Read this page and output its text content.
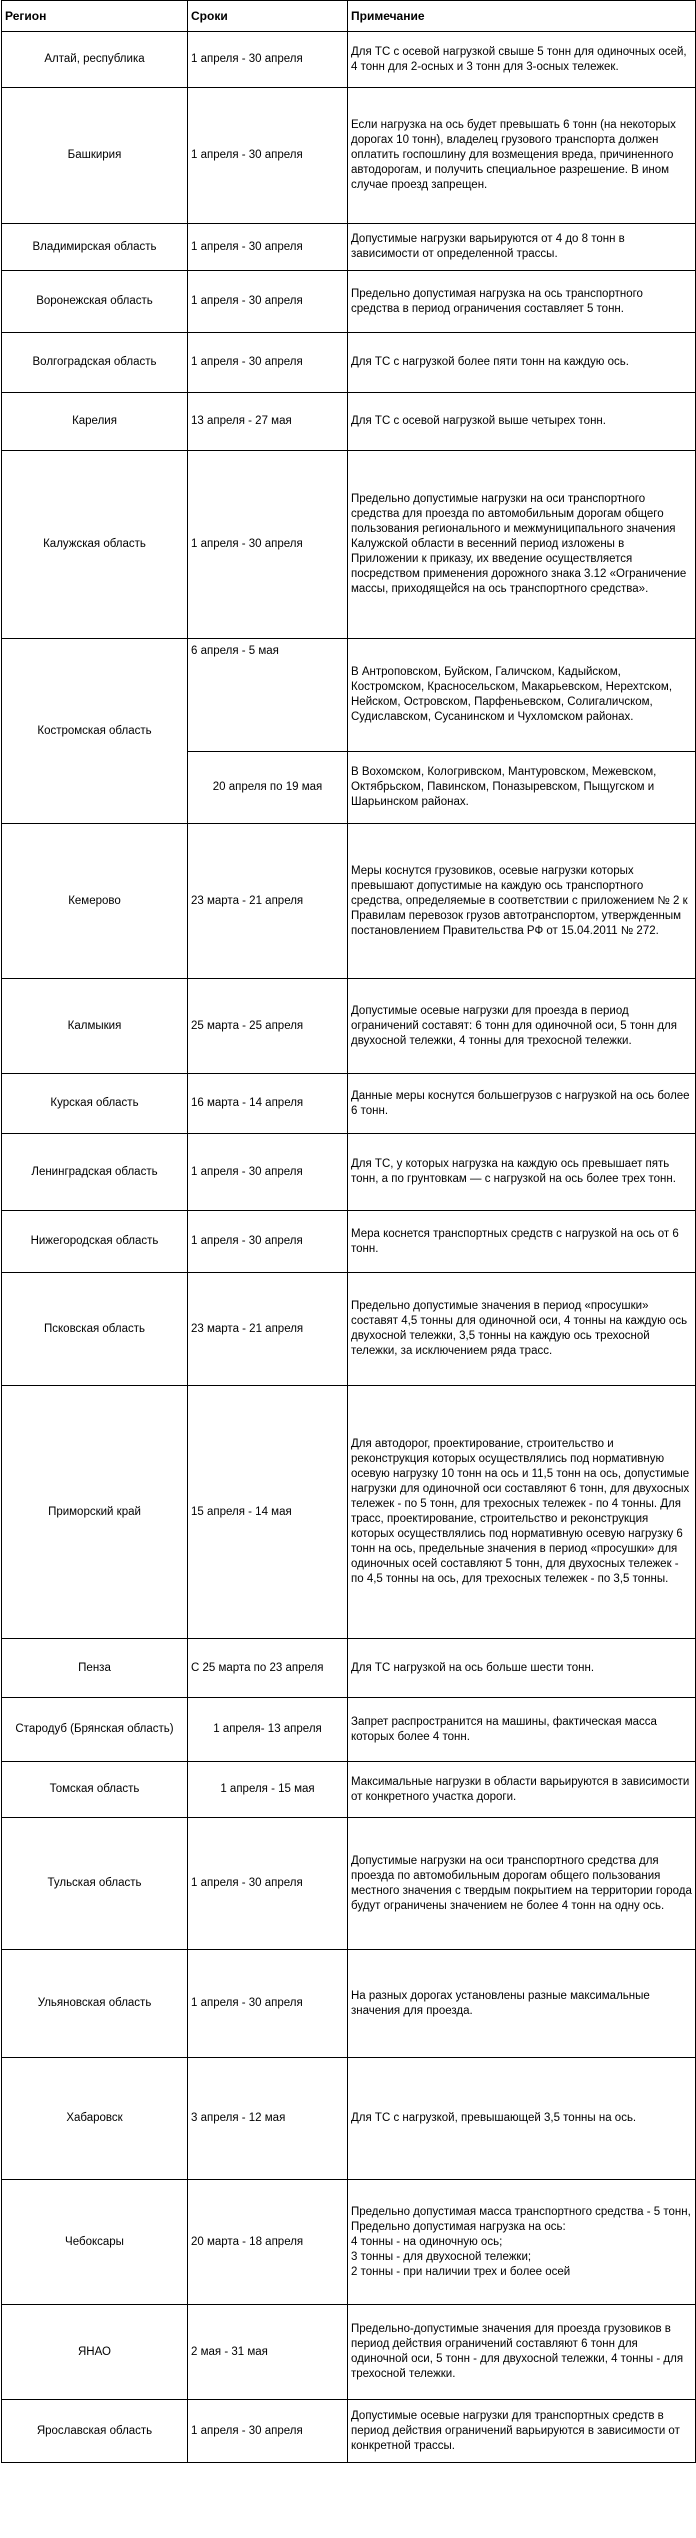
Регион	Сроки	Примечание
Алтай, республика	1 апреля - 30 апреля	Для ТС с осевой нагрузкой свыше 5 тонн для одиночных осей, 4 тонн для 2-осных и 3 тонн для 3-осных тележек.
Башкирия	1 апреля - 30 апреля	Если нагрузка на ось будет превышать 6 тонн (на некоторых дорогах 10 тонн), владелец грузового транспорта должен оплатить госпошлину для возмещения вреда, причиненного автодорогам, и получить специальное разрешение. В ином случае проезд запрещен.
Владимирская область	1 апреля - 30 апреля	Допустимые нагрузки варьируются от 4 до 8 тонн в зависимости от определенной трассы.
Воронежская область	1 апреля - 30 апреля	Предельно допустимая нагрузка на ось транспортного средства в период ограничения составляет 5 тонн.
Волгоградская область	1 апреля - 30 апреля	Для ТС с нагрузкой более пяти тонн на каждую ось.
Карелия	13 апреля - 27 мая	Для ТС с осевой нагрузкой выше четырех тонн.
Калужская область	1 апреля - 30 апреля	Предельно допустимые нагрузки на оси транспортного средства для проезда по автомобильным дорогам общего пользования регионального и межмуниципального значения Калужской области в весенний период изложены в Приложении к приказу, их введение осуществляется посредством применения дорожного знака 3.12 «Ограничение массы, приходящейся на ось транспортного средства».
Костромская область	6 апреля - 5 мая	В Антроповском, Буйском, Галичском, Кадыйском, Костромском, Красносельском, Макарьевском, Нерехтском, Нейском, Островском, Парфеньевском, Солигаличском, Судиславском, Сусанинском и Чухломском районах.
	20 апреля по 19 мая	В Вохомском, Кологривском, Мантуровском, Межевском, Октябрьском, Павинском, Поназыревском, Пыщугском и Шарьинском районах.
Кемерово	23 марта - 21 апреля	Меры коснутся грузовиков, осевые нагрузки которых превышают допустимые на каждую ось транспортного средства, определяемые в соответствии с приложением № 2 к Правилам перевозок грузов автотранспортом, утвержденным постановлением Правительства РФ от 15.04.2011 № 272.
Калмыкия	25 марта - 25 апреля	Допустимые осевые нагрузки для проезда в период ограничений составят: 6 тонн для одиночной оси, 5 тонн для двухосной тележки, 4 тонны для трехосной тележки.
Курская область	16 марта - 14 апреля	Данные меры коснутся большегрузов с нагрузкой на ось более 6 тонн.
Ленинградская область	1 апреля - 30 апреля	Для ТС, у которых нагрузка на каждую ось превышает пять тонн, а по грунтовкам — с нагрузкой на ось более трех тонн.
Нижегородская область	1 апреля - 30 апреля	Мера коснется транспортных средств с нагрузкой на ось от 6 тонн.
Псковская область	23 марта - 21 апреля	Предельно допустимые значения в период «просушки» составят 4,5 тонны для одиночной оси, 4 тонны на каждую ось двухосной тележки, 3,5 тонны на каждую ось трехосной тележки, за исключением ряда трасс.
Приморский край	15 апреля - 14 мая	Для автодорог, проектирование, строительство и реконструкция которых осуществлялись под нормативную осевую нагрузку 10 тонн на ось и 11,5 тонн на ось, допустимые нагрузки для одиночной оси составляют 6 тонн, для двухосных тележек - по 5 тонн, для трехосных тележек - по 4 тонны. Для трасс, проектирование, строительство и реконструкция которых осуществлялись под нормативную осевую нагрузку 6 тонн на ось, предельные значения в период «просушки» для одиночных осей составляют 5 тонн, для двухосных тележек - по 4,5 тонны на ось, для трехосных тележек - по 3,5 тонны.
Пенза	С 25 марта по 23 апреля	Для ТС нагрузкой на ось больше шести тонн.
Стародуб (Брянская область)	1 апреля- 13 апреля	Запрет распространится на машины, фактическая масса которых более 4 тонн.
Томская область	1 апреля - 15 мая	Максимальные нагрузки в области варьируются в зависимости от конкретного участка дороги.
Тульская область	1 апреля - 30 апреля	Допустимые нагрузки на оси транспортного средства для проезда по автомобильным дорогам общего пользования местного значения с твердым покрытием на территории города будут ограничены значением не более 4 тонн на одну ось.
Ульяновская область	1 апреля - 30 апреля	На разных дорогах установлены разные максимальные значения для проезда.
Хабаровск	3 апреля - 12 мая	Для ТС с нагрузкой, превышающей 3,5 тонны на ось.
Чебоксары	20 марта - 18 апреля	Предельно допустимая масса транспортного средства - 5 тонн,
Предельно допустимая нагрузка на ось:
4 тонны - на одиночную ось;
3 тонны - для двухосной тележки;
2 тонны - при наличии трех и более осей
ЯНАО	2 мая - 31 мая	Предельно-допустимые значения для проезда грузовиков в период действия ограничений составляют 6 тонн для одиночной оси, 5 тонн - для двухосной тележки, 4 тонны - для трехосной тележки.
Ярославская область	1 апреля - 30 апреля	Допустимые осевые нагрузки для транспортных средств в период действия ограничений варьируются в зависимости от конкретной трассы.
